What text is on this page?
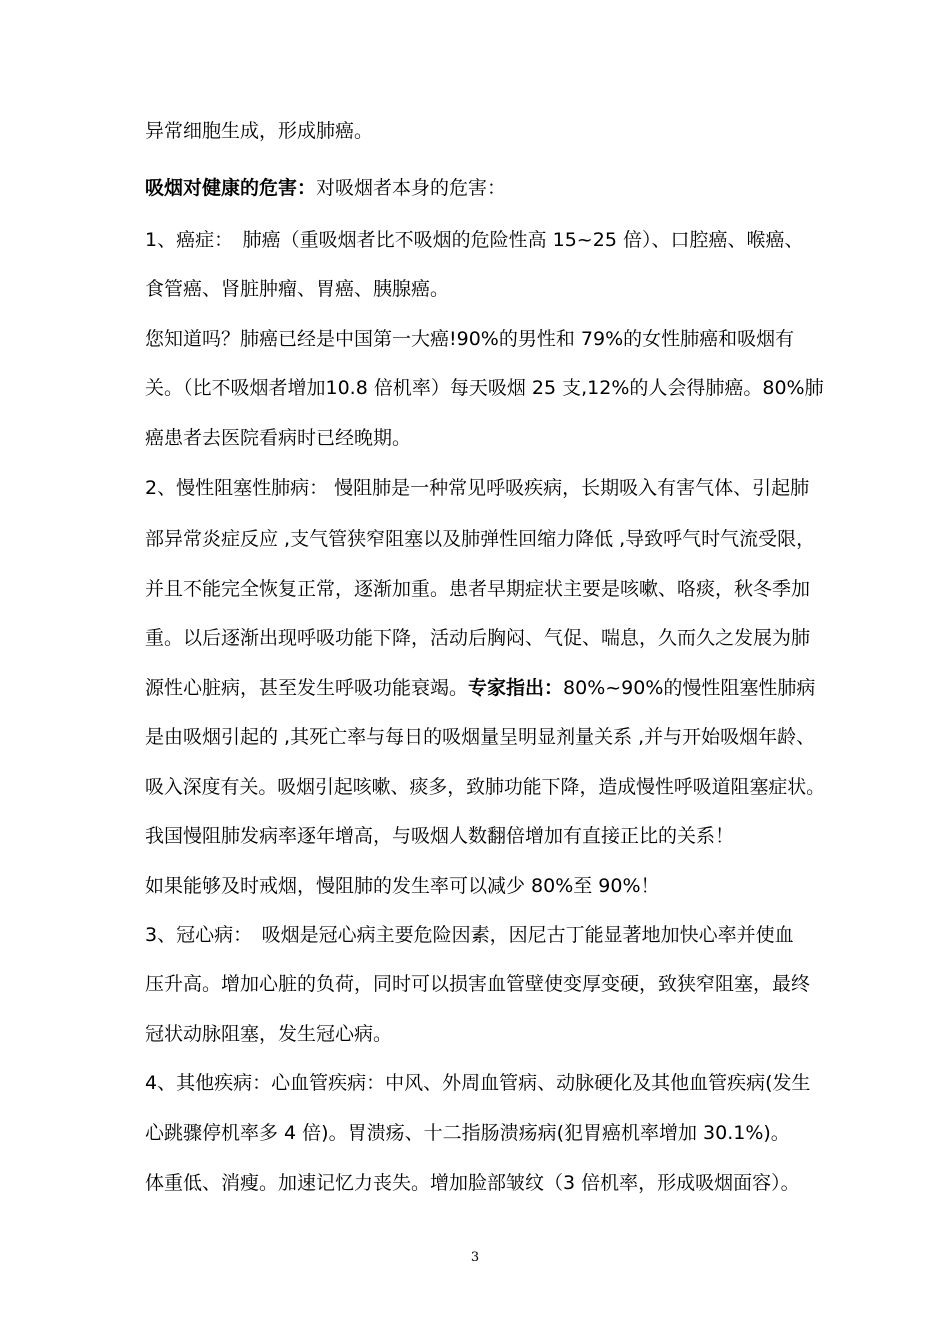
异常细胞生成，形成肺癌。
吸烟对健康的危害：对吸烟者本身的危害：
1、癌症：　肺癌（重吸烟者比不吸烟的危险性高 15~25 倍）、口腔癌、喉癌、
食管癌、肾脏肿瘤、胃癌、胰腺癌。
您知道吗？肺癌已经是中国第一大癌!90%的男性和 79%的女性肺癌和吸烟有
关。（比不吸烟者增加10.8 倍机率）每天吸烟 25 支,12%的人会得肺癌。80%肺
癌患者去医院看病时已经晚期。
2、慢性阻塞性肺病： 慢阻肺是一种常见呼吸疾病，长期吸入有害气体、引起肺
部异常炎症反应 ,支气管狭窄阻塞以及肺弹性回缩力降低 ,导致呼气时气流受限，
并且不能完全恢复正常，逐渐加重。患者早期症状主要是咳嗽、咯痰，秋冬季加
重。以后逐渐出现呼吸功能下降，活动后胸闷、气促、喘息，久而久之发展为肺
源性心脏病，甚至发生呼吸功能衰竭。专家指出：80%~90%的慢性阻塞性肺病
是由吸烟引起的 ,其死亡率与每日的吸烟量呈明显剂量关系 ,并与开始吸烟年龄、
吸入深度有关。吸烟引起咳嗽、痰多，致肺功能下降，造成慢性呼吸道阻塞症状。
我国慢阻肺发病率逐年增高，与吸烟人数翻倍增加有直接正比的关系！
如果能够及时戒烟，慢阻肺的发生率可以减少 80%至 90%！
3、冠心病：　吸烟是冠心病主要危险因素，因尼古丁能显著地加快心率并使血
压升高。增加心脏的负荷，同时可以损害血管壁使变厚变硬，致狭窄阻塞，最终
冠状动脉阻塞，发生冠心病。
4、其他疾病：心血管疾病：中风、外周血管病、动脉硬化及其他血管疾病(发生
心跳骤停机率多 4 倍)。胃溃疡、十二指肠溃疡病(犯胃癌机率增加 30.1%)。
体重低、消瘦。加速记忆力丧失。增加脸部皱纹（3 倍机率，形成吸烟面容）。
3
